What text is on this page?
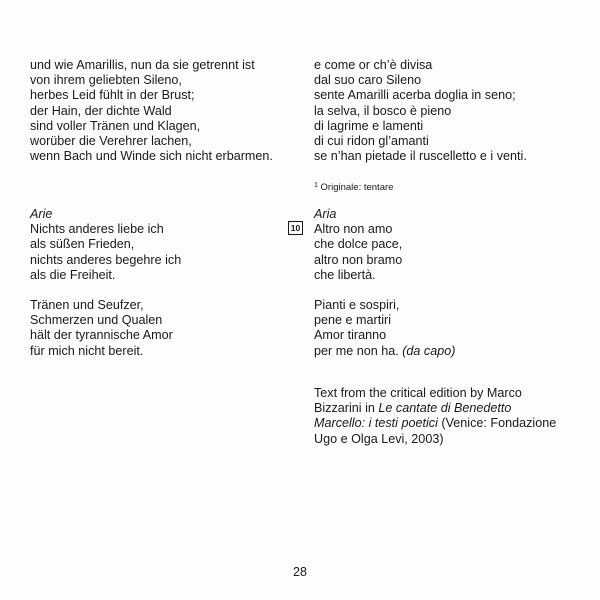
und wie Amarillis, nun da sie getrennt ist
von ihrem geliebten Sileno,
herbes Leid fühlt in der Brust;
der Hain, der dichte Wald
sind voller Tränen und Klagen,
worüber die Verehrer lachen,
wenn Bach und Winde sich nicht erbarmen.
Arie
Nichts anderes liebe ich
als süßen Frieden,
nichts anderes begehre ich
als die Freiheit.
Tränen und Seufzer,
Schmerzen und Qualen
hält der tyrannische Amor
für mich nicht bereit.
e come or ch’è divisa
dal suo caro Sileno
sente Amarilli acerba doglia in seno;
la selva, il bosco è pieno
di lagrime e lamenti
di cui ridon gl’amanti
se n’han pietade il ruscelletto e i venti.
$^1$ Originale: tentare
10
Aria
Altro non amo
che dolce pace,
altro non bramo
che libertà.
Pianti e sospiri,
pene e martiri
Amor tiranno
per me non ha. (da capo)
Text from the critical edition by Marco
Bizzarini in Le cantate di Benedetto
Marcello: i testi poetici (Venice: Fondazione
Ugo e Olga Levi, 2003)
28
